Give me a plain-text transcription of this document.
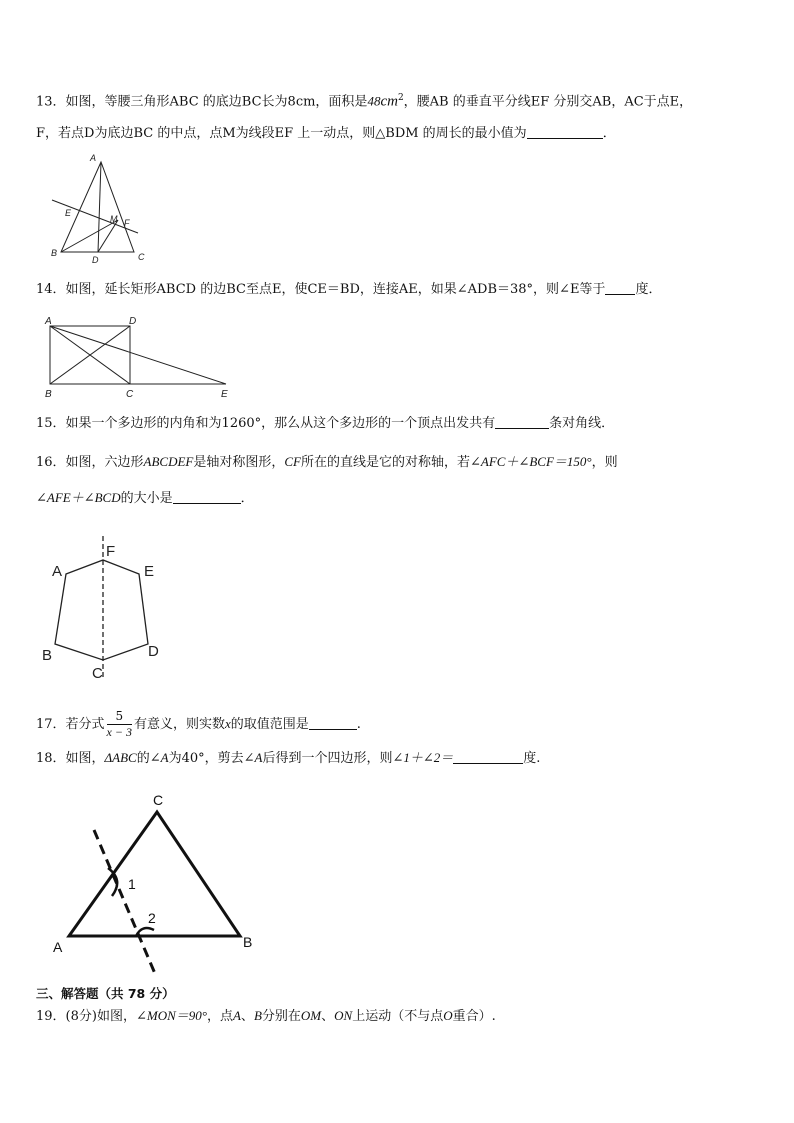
13．如图，等腰三角形ABC 的底边BC长为8cm，面积是$48cm^2$，腰AB 的垂直平分线EF 分别交AB，AC于点E，
F，若点D为底边BC 的中点，点M为线段EF 上一动点，则△BDM 的周长的最小值为	．
A
B	C
D
E
F
M
14．如图，延长矩形ABCD 的边BC至点E，使CE＝BD，连接AE，如果∠ADB＝38°，则∠E等于 度．
A
B	C
D
E
15．如果一个多边形的内角和为1260°，那么从这个多边形的一个顶点出发共有	条对角线．
16．如图，六边形ABCDEF是轴对称图形，CF所在的直线是它的对称轴，若∠AFC＋∠BCF＝150°，则
∠AFE＋∠BCD的大小是	．
A
B
C
D
E
F
17．若分式 $\frac{5}{x - 3}$ 有意义，则实数x的取值范围是	.
18．如图，ΔABC的∠A为40°，剪去∠A后得到一个四边形，则∠1＋∠2＝	度.
A	B
C
1
2
三、解答题（共 78 分）
19．(8分)如图，∠MON＝90°，点A、B分别在OM、ON上运动（不与点O重合）.
